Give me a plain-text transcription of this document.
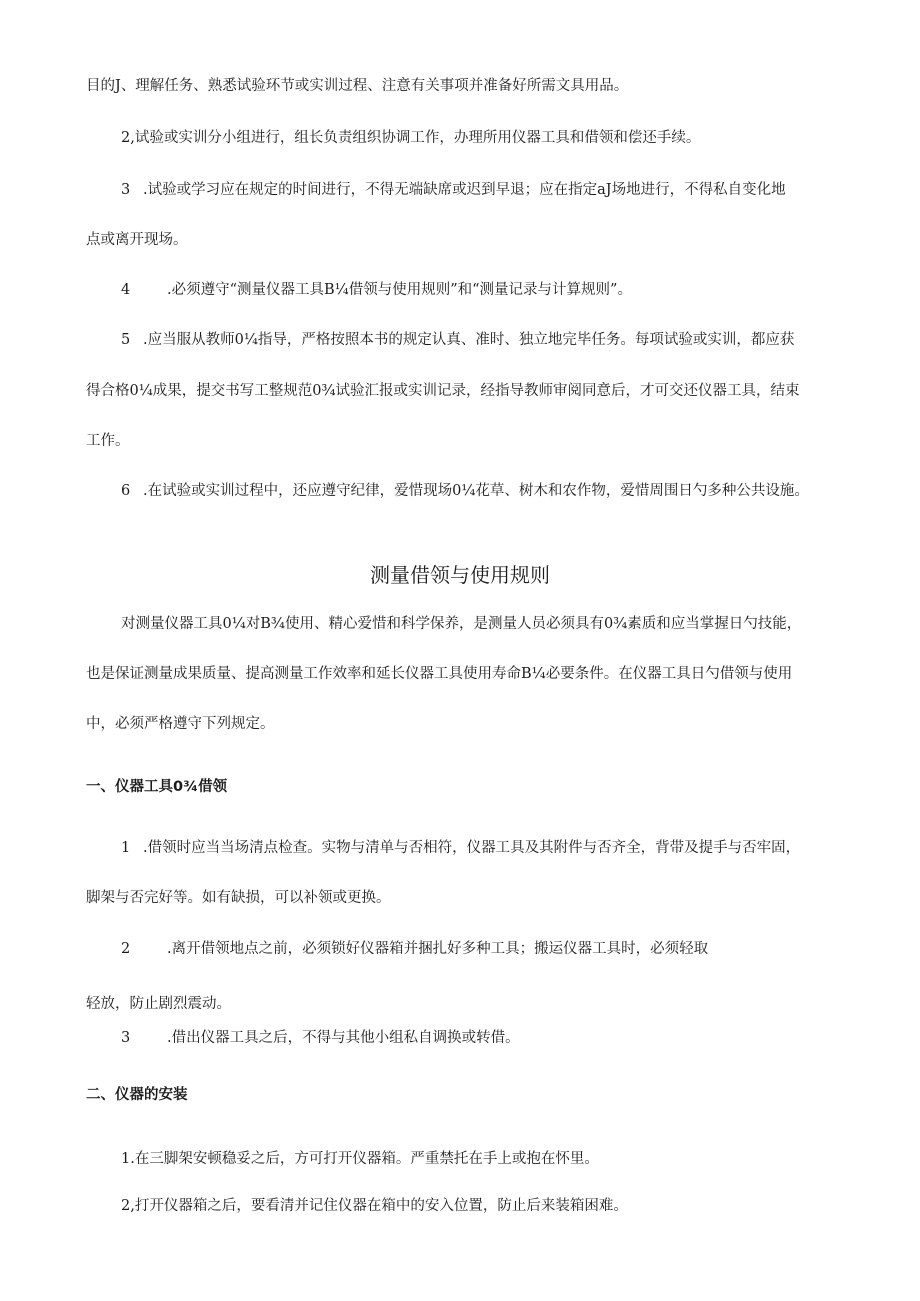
目的J、理解任务、熟悉试验环节或实训过程、注意有关事项并准备好所需文具用品。
2,试验或实训分小组进行，组长负责组织协调工作，办理所用仪器工具和借领和偿还手续。
3 .试验或学习应在规定的时间进行，不得无端缺席或迟到早退；应在指定aJ场地进行，不得私自变化地
点或离开现场。
4	.必须遵守“测量仪器工具B¼借领与使用规则”和“测量记录与计算规则”。
5 .应当服从教师0¼指导，严格按照本书的规定认真、准时、独立地完毕任务。每项试验或实训，都应获
得合格0¼成果，提交书写工整规范0¾试验汇报或实训记录，经指导教师审阅同意后，才可交还仪器工具，结束
工作。
6 .在试验或实训过程中，还应遵守纪律，爱惜现场0¼花草、树木和农作物，爱惜周围日勺多种公共设施。
测量借领与使用规则
对测量仪器工具0¼对B¾使用、精心爱惜和科学保养，是测量人员必须具有0¾素质和应当掌握日勺技能，
也是保证测量成果质量、提高测量工作效率和延长仪器工具使用寿命B¼必要条件。在仪器工具日勺借领与使用
中，必须严格遵守下列规定。
一、仪器工具0¾借领
1 .借领时应当当场清点检查。实物与清单与否相符，仪器工具及其附件与否齐全，背带及提手与否牢固，
脚架与否完好等。如有缺损，可以补领或更换。
2	.离开借领地点之前，必须锁好仪器箱并捆扎好多种工具；搬运仪器工具时，必须轻取
轻放，防止剧烈震动。
3	.借出仪器工具之后，不得与其他小组私自调换或转借。
二、仪器的安装
1.在三脚架安顿稳妥之后，方可打开仪器箱。严重禁托在手上或抱在怀里。
2,打开仪器箱之后，要看清并记住仪器在箱中的安入位置，防止后来装箱困难。
